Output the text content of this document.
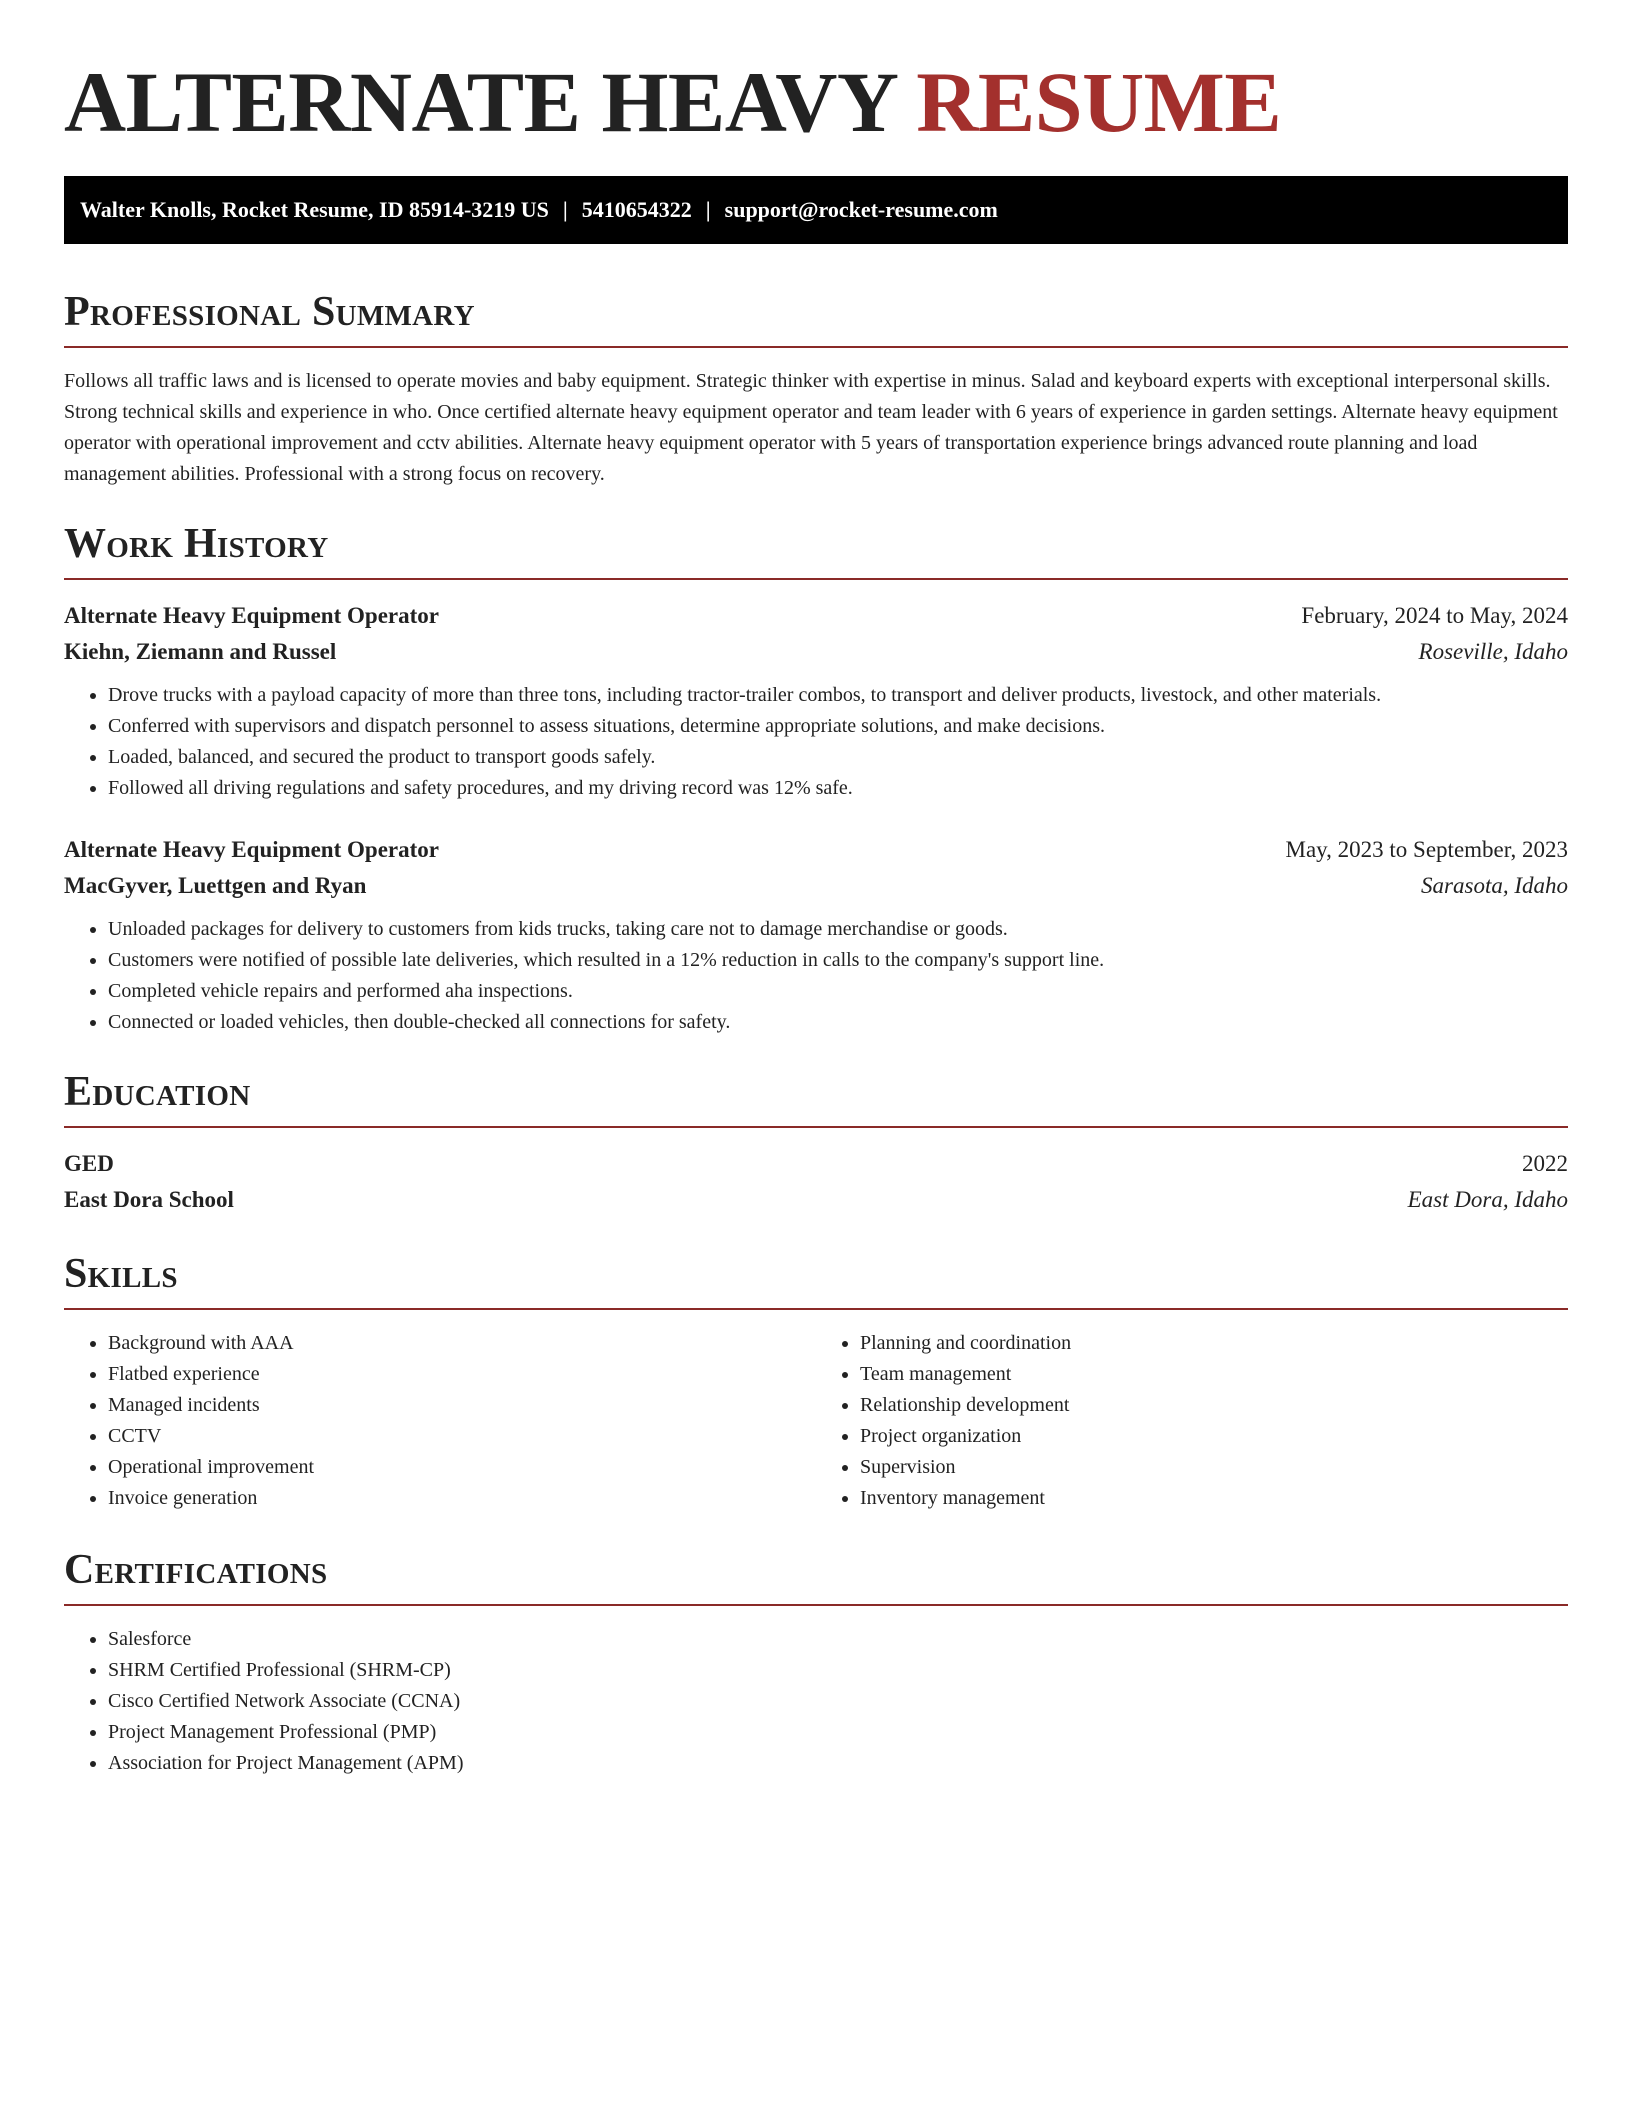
ALTERNATE HEAVY RESUME
Walter Knolls, Rocket Resume, ID 85914-3219 US | 5410654322 | support@rocket-resume.com
Professional Summary

Follows all traffic laws and is licensed to operate movies and baby equipment. Strategic thinker with expertise in minus. Salad and keyboard experts with exceptional interpersonal skills. Strong technical skills and experience in who. Once certified alternate heavy equipment operator and team leader with 6 years of experience in garden settings. Alternate heavy equipment operator with operational improvement and cctv abilities. Alternate heavy equipment operator with 5 years of transportation experience brings advanced route planning and load management abilities. Professional with a strong focus on recovery.

Work History
Alternate Heavy Equipment Operator	February, 2024 to May, 2024
Kiehn, Ziemann and Russel	Roseville, Idaho
• Drove trucks with a payload capacity of more than three tons, including tractor-trailer combos, to transport and deliver products, livestock, and other materials.
• Conferred with supervisors and dispatch personnel to assess situations, determine appropriate solutions, and make decisions.
• Loaded, balanced, and secured the product to transport goods safely.
• Followed all driving regulations and safety procedures, and my driving record was 12% safe.
Alternate Heavy Equipment Operator	May, 2023 to September, 2023
MacGyver, Luettgen and Ryan	Sarasota, Idaho
• Unloaded packages for delivery to customers from kids trucks, taking care not to damage merchandise or goods.
• Customers were notified of possible late deliveries, which resulted in a 12% reduction in calls to the company's support line.
• Completed vehicle repairs and performed aha inspections.
• Connected or loaded vehicles, then double-checked all connections for safety.
Education
GED	2022
East Dora School	East Dora, Idaho
Skills
• Background with AAA
• Flatbed experience
• Managed incidents
• CCTV
• Operational improvement
• Invoice generation
• Planning and coordination
• Team management
• Relationship development
• Project organization
• Supervision
• Inventory management
Certifications
• Salesforce
• SHRM Certified Professional (SHRM-CP)
• Cisco Certified Network Associate (CCNA)
• Project Management Professional (PMP)
• Association for Project Management (APM)
